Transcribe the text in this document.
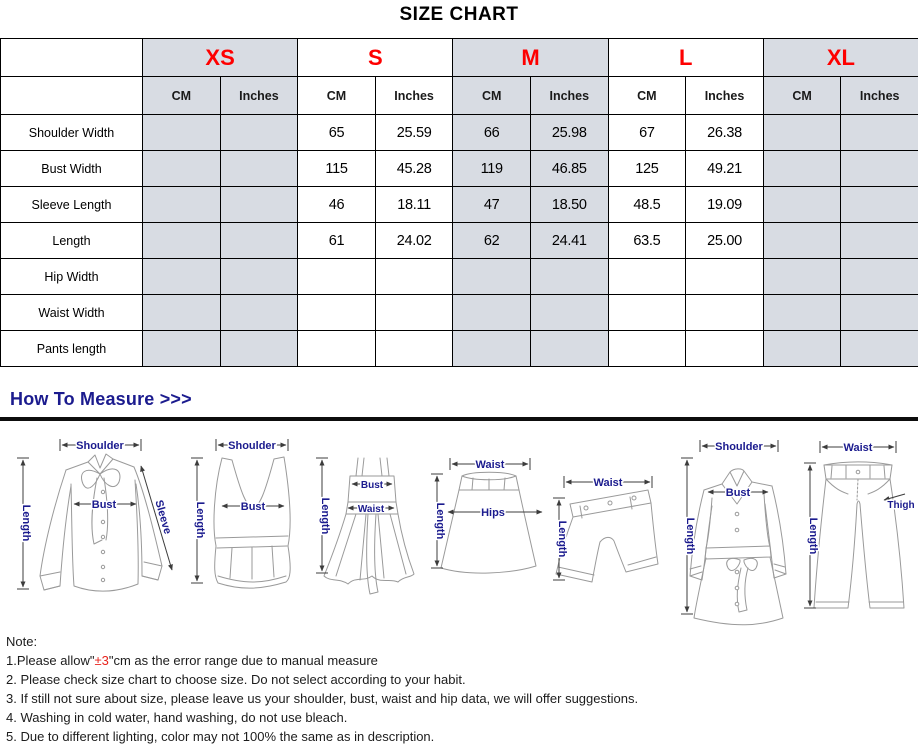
SIZE CHART
	XS		S		M		L		XL	
	CM	Inches	CM	Inches	CM	Inches	CM	Inches	CM	Inches
Shoulder Width			65	25.59	66	25.98	67	26.38		
Bust Width			115	45.28	119	46.85	125	49.21		
Sleeve Length			46	18.11	47	18.50	48.5	19.09		
Length			61	24.02	62	24.41	63.5	25.00		
Hip Width										
Waist Width										
Pants length										
How To Measure >>>
Shoulder
Length	Bust	Sleeve
Shoulder
Length	Bust	Length
Bust
Waist
Waist
Length	Hips
Waist
Length
Shoulder
Length
Bust
Waist
Length
Thigh
Note:
1.Please allow"±3"cm as the error range due to manual measure
2. Please check size chart to choose size. Do not select according to your habit.
3. If still not sure about size, please leave us your shoulder, bust, waist and hip data, we will offer suggestions.
4. Washing in cold water, hand washing, do not use bleach.
5. Due to different lighting, color may not 100% the same as in description.
